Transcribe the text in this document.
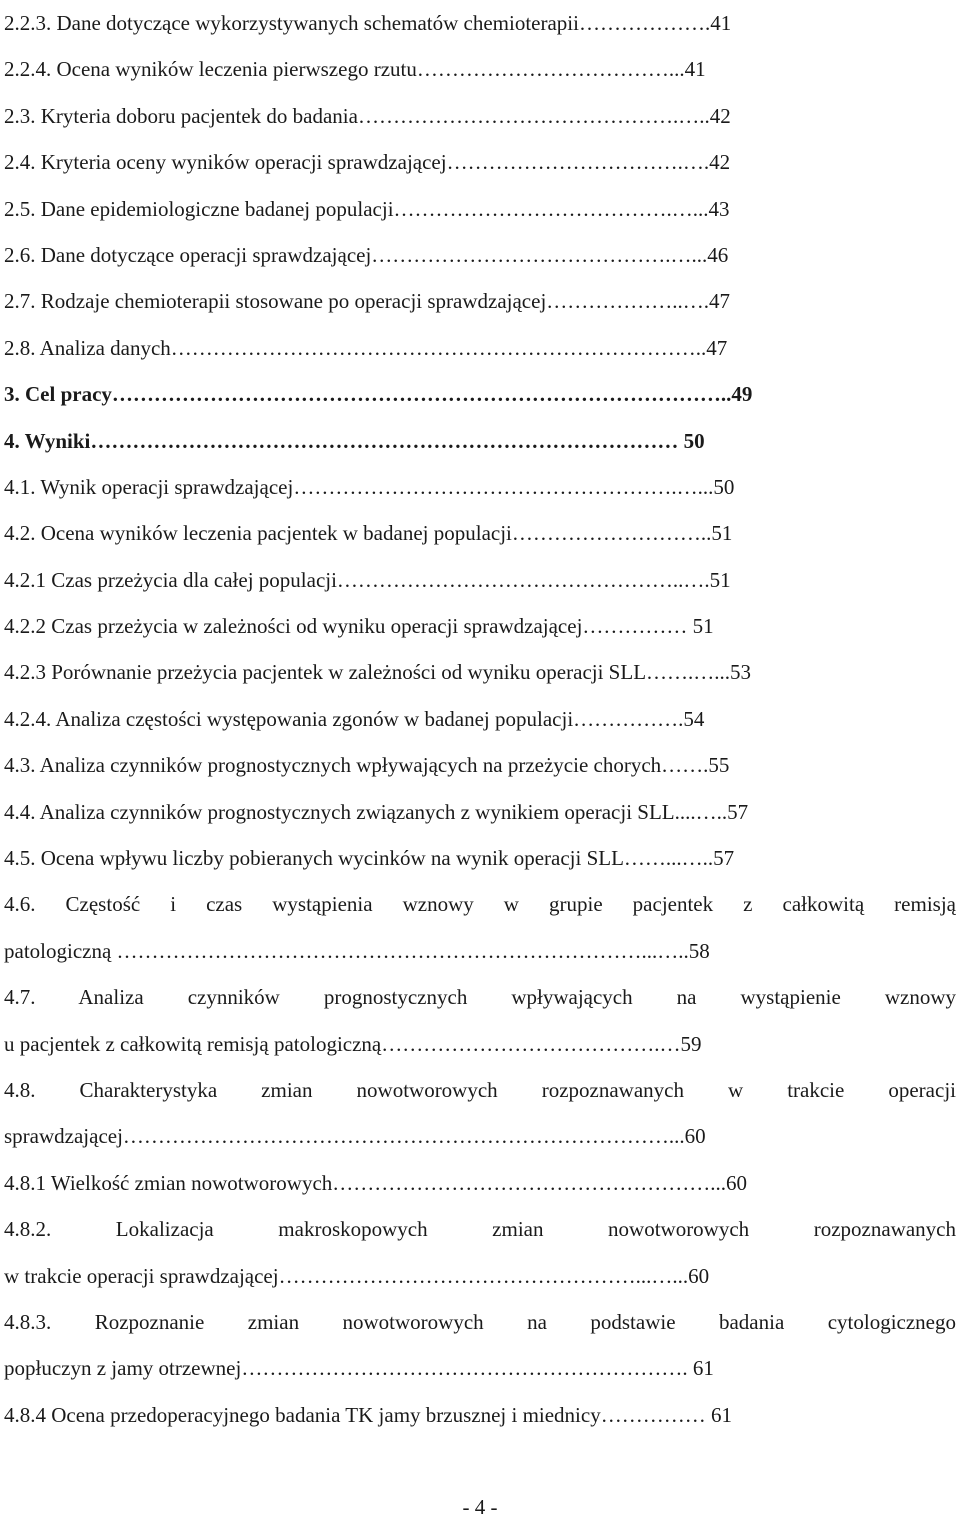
2.2.3. Dane dotyczące wykorzystywanych schematów chemioterapii……………….41
2.2.4. Ocena wyników leczenia pierwszego rzutu………………………………...41
2.3. Kryteria doboru pacjentek do badania……………………………………….…..42
2.4. Kryteria oceny wyników operacji sprawdzającej…………………………….….42
2.5. Dane epidemiologiczne badanej populacji………………………………….…...43
2.6. Dane dotyczące operacji sprawdzającej…………………………………….…...46
2.7. Rodzaje chemioterapii stosowane po operacji sprawdzającej………………..….47
2.8. Analiza danych…………………………………………………………………..47
3. Cel pracy……………………………………………………………………………..49
4. Wyniki………………………………………………………………………… 50
4.1. Wynik operacji sprawdzającej……………………………………………….…...50
4.2. Ocena wyników leczenia pacjentek w badanej populacji………………………..51
4.2.1 Czas przeżycia dla całej populacji…………………………………………..….51
4.2.2 Czas przeżycia w zależności od wyniku operacji sprawdzającej…………… 51
4.2.3 Porównanie przeżycia pacjentek w zależności od wyniku operacji SLL…….…...53
4.2.4. Analiza częstości występowania zgonów w badanej populacji…………….54
4.3. Analiza czynników prognostycznych wpływających na przeżycie chorych…….55
4.4. Analiza czynników prognostycznych związanych z wynikiem operacji SLL....…..57
4.5. Ocena wpływu liczby pobieranych wycinków na wynik operacji SLL……...…..57
4.6. Częstość i czas wystąpienia wznowy w grupie pacjentek z całkowitą remisją
patologiczną …………………………………………………………………...…..58
4.7. Analiza czynników prognostycznych wpływających na wystąpienie wznowy
u pacjentek z całkowitą remisją patologiczną………………………………….…59
4.8. Charakterystyka zmian nowotworowych rozpoznawanych w trakcie operacji
sprawdzającej……………………………………………………………………...60
4.8.1 Wielkość zmian nowotworowych………………………………………………...60
4.8.2. Lokalizacja makroskopowych zmian nowotworowych rozpoznawanych
w trakcie operacji sprawdzającej……………………………………………...…...60
4.8.3. Rozpoznanie zmian nowotworowych na podstawie badania cytologicznego
popłuczyn z jamy otrzewnej………………………………………………………. 61
4.8.4 Ocena przedoperacyjnego badania TK jamy brzusznej i miednicy…………… 61
- 4 -
